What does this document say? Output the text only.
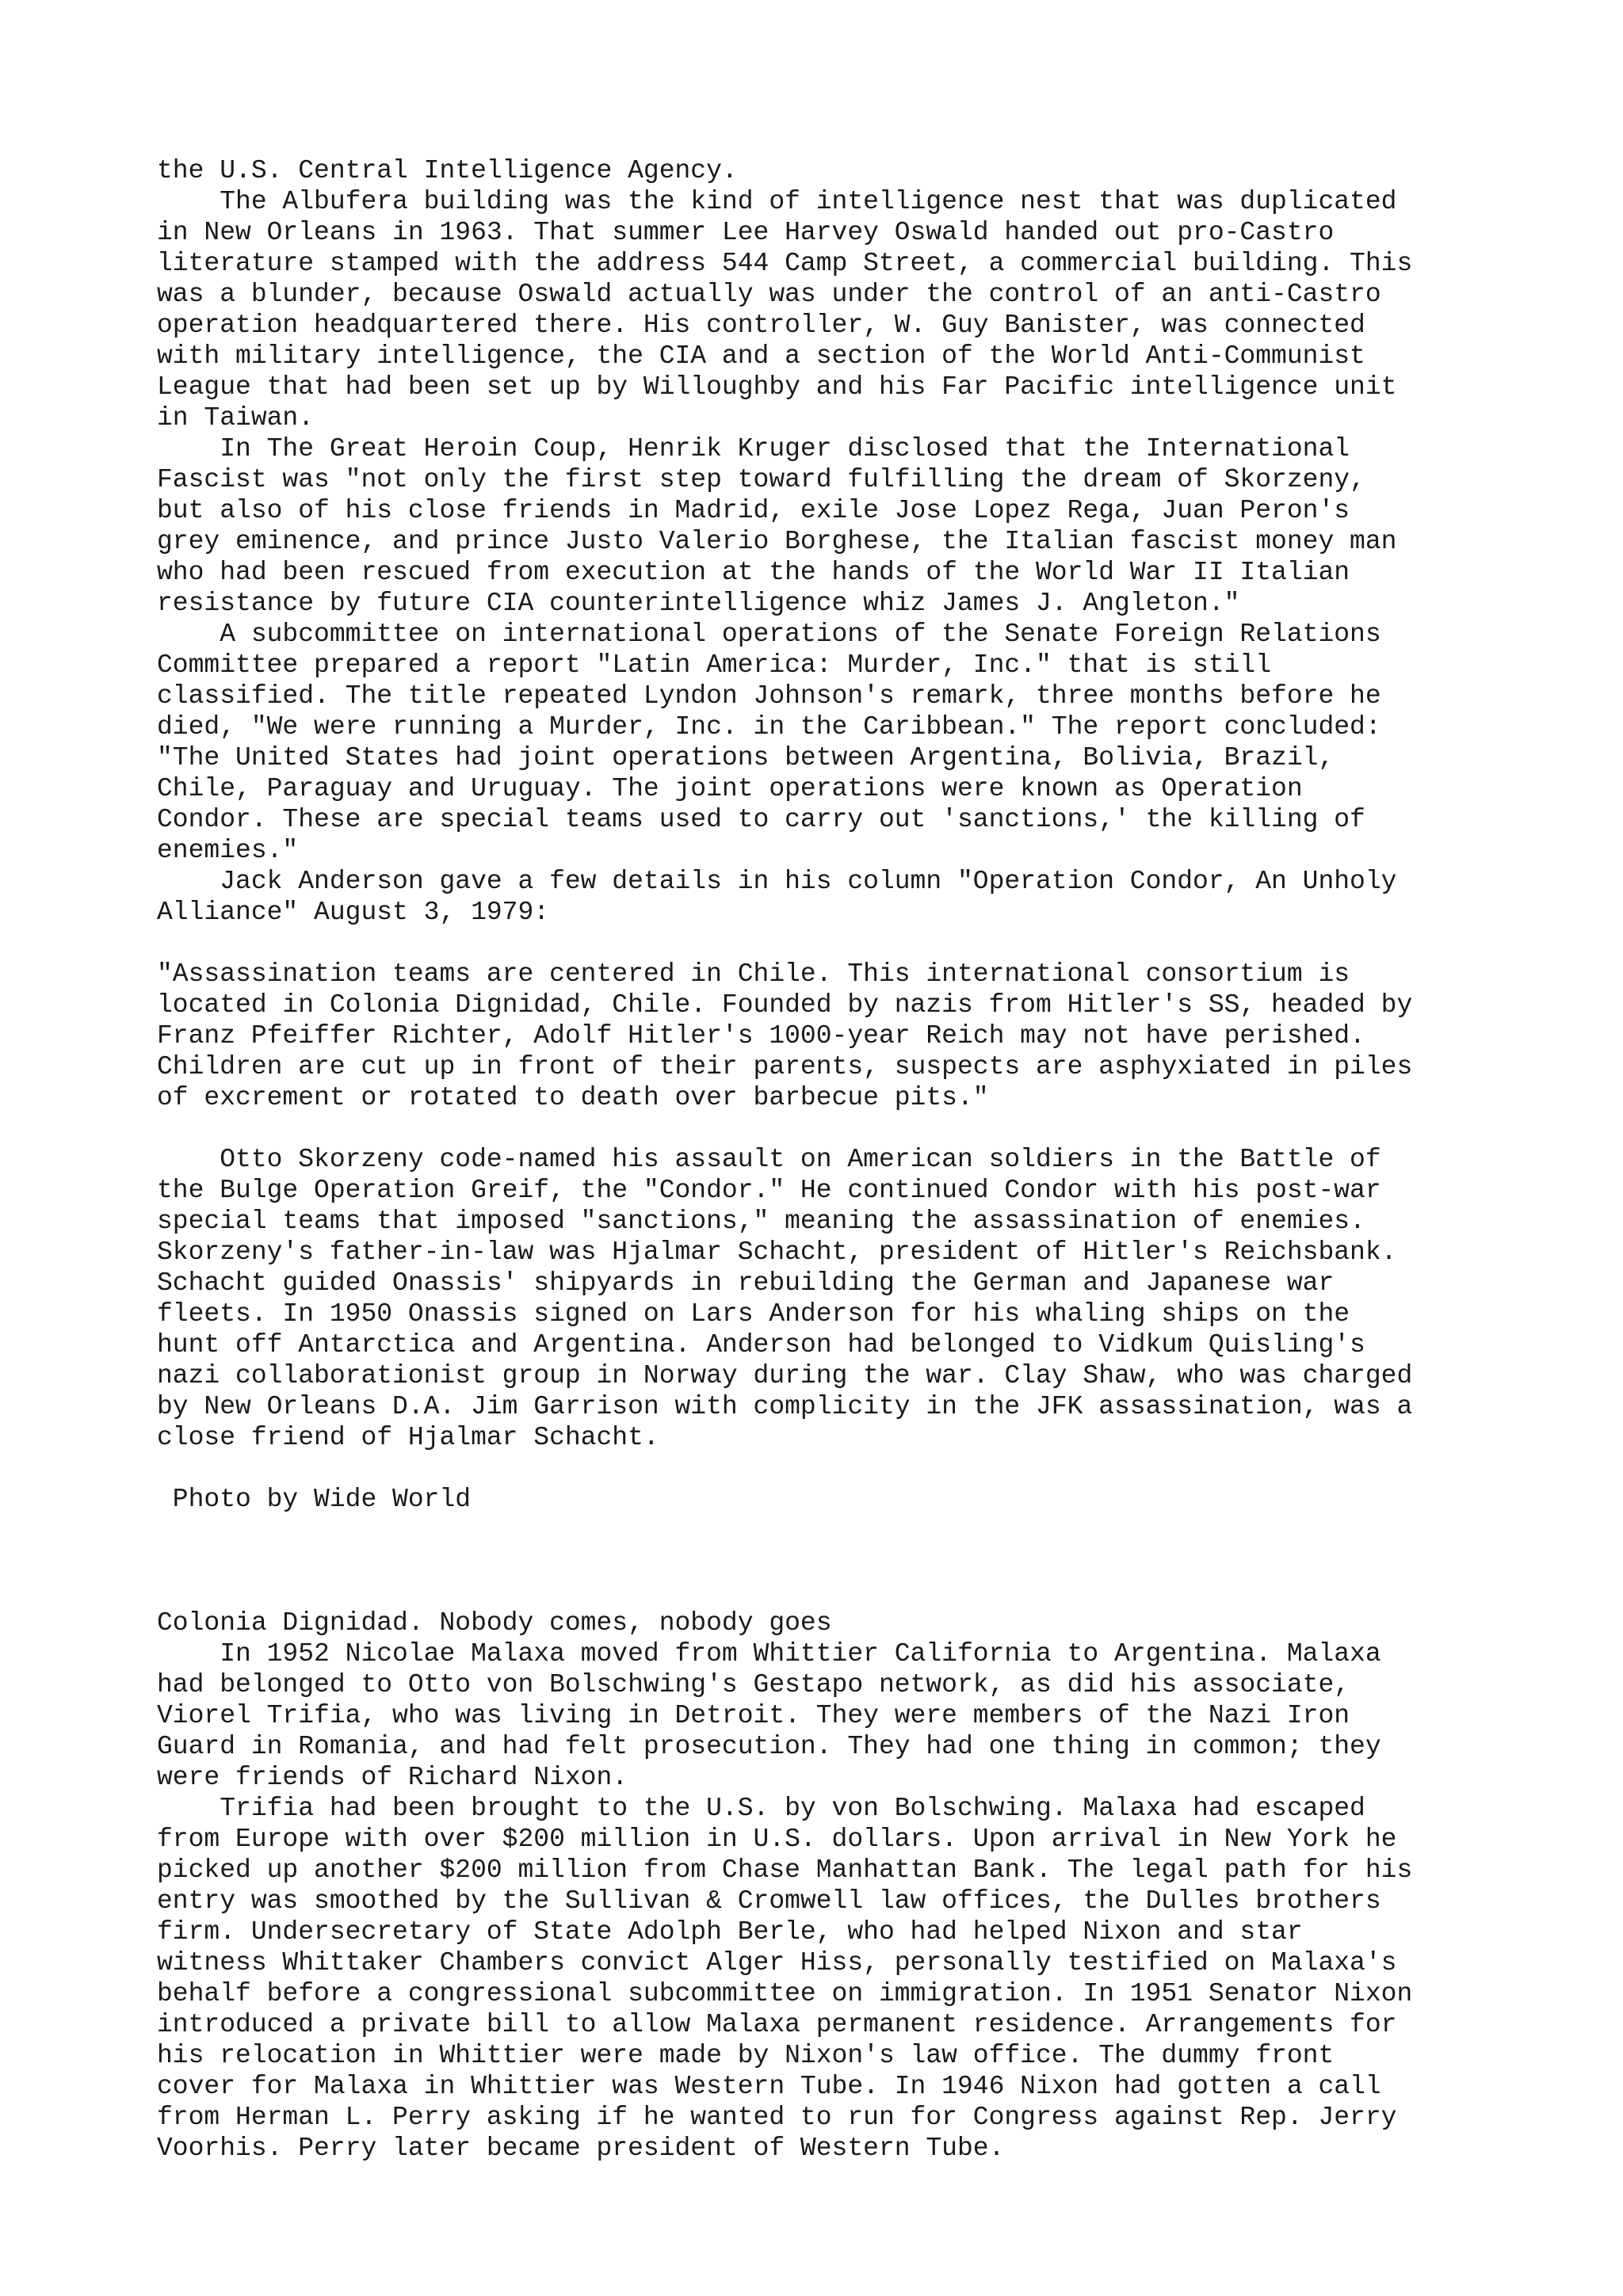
the U.S. Central Intelligence Agency.
The Albufera building was the kind of intelligence nest that was duplicated
in New Orleans in 1963. That summer Lee Harvey Oswald handed out pro-Castro
literature stamped with the address 544 Camp Street, a commercial building. This
was a blunder, because Oswald actually was under the control of an anti-Castro
operation headquartered there. His controller, W. Guy Banister, was connected
with military intelligence, the CIA and a section of the World Anti-Communist
League that had been set up by Willoughby and his Far Pacific intelligence unit
in Taiwan.
In The Great Heroin Coup, Henrik Kruger disclosed that the International
Fascist was "not only the first step toward fulfilling the dream of Skorzeny,
but also of his close friends in Madrid, exile Jose Lopez Rega, Juan Peron's
grey eminence, and prince Justo Valerio Borghese, the Italian fascist money man
who had been rescued from execution at the hands of the World War II Italian
resistance by future CIA counterintelligence whiz James J. Angleton."
A subcommittee on international operations of the Senate Foreign Relations
Committee prepared a report "Latin America: Murder, Inc." that is still
classified. The title repeated Lyndon Johnson's remark, three months before he
died, "We were running a Murder, Inc. in the Caribbean." The report concluded:
"The United States had joint operations between Argentina, Bolivia, Brazil,
Chile, Paraguay and Uruguay. The joint operations were known as Operation
Condor. These are special teams used to carry out 'sanctions,' the killing of
enemies."
Jack Anderson gave a few details in his column "Operation Condor, An Unholy
Alliance" August 3, 1979:
"Assassination teams are centered in Chile. This international consortium is
located in Colonia Dignidad, Chile. Founded by nazis from Hitler's SS, headed by
Franz Pfeiffer Richter, Adolf Hitler's 1000-year Reich may not have perished.
Children are cut up in front of their parents, suspects are asphyxiated in piles
of excrement or rotated to death over barbecue pits."
Otto Skorzeny code-named his assault on American soldiers in the Battle of
the Bulge Operation Greif, the "Condor." He continued Condor with his post-war
special teams that imposed "sanctions," meaning the assassination of enemies.
Skorzeny's father-in-law was Hjalmar Schacht, president of Hitler's Reichsbank.
Schacht guided Onassis' shipyards in rebuilding the German and Japanese war
fleets. In 1950 Onassis signed on Lars Anderson for his whaling ships on the
hunt off Antarctica and Argentina. Anderson had belonged to Vidkum Quisling's
nazi collaborationist group in Norway during the war. Clay Shaw, who was charged
by New Orleans D.A. Jim Garrison with complicity in the JFK assassination, was a
close friend of Hjalmar Schacht.
Photo by Wide World
Colonia Dignidad. Nobody comes, nobody goes
In 1952 Nicolae Malaxa moved from Whittier California to Argentina. Malaxa
had belonged to Otto von Bolschwing's Gestapo network, as did his associate,
Viorel Trifia, who was living in Detroit. They were members of the Nazi Iron
Guard in Romania, and had felt prosecution. They had one thing in common; they
were friends of Richard Nixon.
Trifia had been brought to the U.S. by von Bolschwing. Malaxa had escaped
from Europe with over $200 million in U.S. dollars. Upon arrival in New York he
picked up another $200 million from Chase Manhattan Bank. The legal path for his
entry was smoothed by the Sullivan & Cromwell law offices, the Dulles brothers
firm. Undersecretary of State Adolph Berle, who had helped Nixon and star
witness Whittaker Chambers convict Alger Hiss, personally testified on Malaxa's
behalf before a congressional subcommittee on immigration. In 1951 Senator Nixon
introduced a private bill to allow Malaxa permanent residence. Arrangements for
his relocation in Whittier were made by Nixon's law office. The dummy front
cover for Malaxa in Whittier was Western Tube. In 1946 Nixon had gotten a call
from Herman L. Perry asking if he wanted to run for Congress against Rep. Jerry
Voorhis. Perry later became president of Western Tube.
